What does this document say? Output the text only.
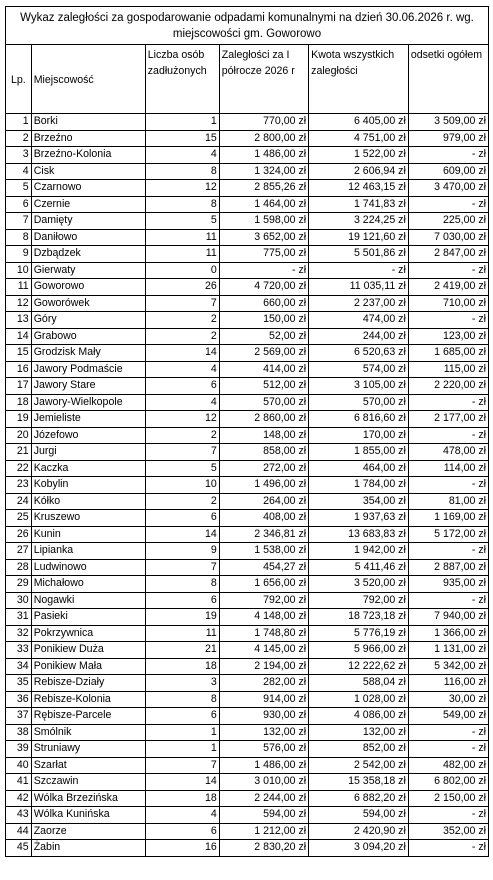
Wykaz zaległości za gospodarowanie odpadami komunalnymi na dzień 30.06.2026 r. wg.
miejscowości gm. Goworowo
Lp.	Miejscowość	Liczba osób zadłużonych	Zaległości za I półrocze 2026 r	Kwota wszystkich zaległości	odsetki ogółem
1	Borki	1	770,00 zł	6 405,00 zł	3 509,00 zł
2	Brzeźno	15	2 800,00 zł	4 751,00 zł	979,00 zł
3	Brzeźno-Kolonia	4	1 486,00 zł	1 522,00 zł	- zł
4	Cisk	8	1 324,00 zł	2 606,94 zł	609,00 zł
5	Czarnowo	12	2 855,26 zł	12 463,15 zł	3 470,00 zł
6	Czernie	8	1 464,00 zł	1 741,83 zł	- zł
7	Damięty	5	1 598,00 zł	3 224,25 zł	225,00 zł
8	Daniłowo	11	3 652,00 zł	19 121,60 zł	7 030,00 zł
9	Dzbądzek	11	775,00 zł	5 501,86 zł	2 847,00 zł
10	Gierwaty	0	- zł	- zł	- zł
11	Goworowo	26	4 720,00 zł	11 035,11 zł	2 419,00 zł
12	Goworówek	7	660,00 zł	2 237,00 zł	710,00 zł
13	Góry	2	150,00 zł	474,00 zł	- zł
14	Grabowo	2	52,00 zł	244,00 zł	123,00 zł
15	Grodzisk Mały	14	2 569,00 zł	6 520,63 zł	1 685,00 zł
16	Jawory Podmaście	4	414,00 zł	574,00 zł	115,00 zł
17	Jawory Stare	6	512,00 zł	3 105,00 zł	2 220,00 zł
18	Jawory-Wielkopole	4	570,00 zł	570,00 zł	- zł
19	Jemieliste	12	2 860,00 zł	6 816,60 zł	2 177,00 zł
20	Józefowo	2	148,00 zł	170,00 zł	- zł
21	Jurgi	7	858,00 zł	1 855,00 zł	478,00 zł
22	Kaczka	5	272,00 zł	464,00 zł	114,00 zł
23	Kobylin	10	1 496,00 zł	1 784,00 zł	- zł
24	Kółko	2	264,00 zł	354,00 zł	81,00 zł
25	Kruszewo	6	408,00 zł	1 937,63 zł	1 169,00 zł
26	Kunin	14	2 346,81 zł	13 683,83 zł	5 172,00 zł
27	Lipianka	9	1 538,00 zł	1 942,00 zł	- zł
28	Ludwinowo	7	454,27 zł	5 411,46 zł	2 887,00 zł
29	Michałowo	8	1 656,00 zł	3 520,00 zł	935,00 zł
30	Nogawki	6	792,00 zł	792,00 zł	- zł
31	Pasieki	19	4 148,00 zł	18 723,18 zł	7 940,00 zł
32	Pokrzywnica	11	1 748,80 zł	5 776,19 zł	1 366,00 zł
33	Ponikiew Duża	21	4 145,00 zł	5 966,00 zł	1 131,00 zł
34	Ponikiew Mała	18	2 194,00 zł	12 222,62 zł	5 342,00 zł
35	Rebisze-Działy	3	282,00 zł	588,04 zł	116,00 zł
36	Rebisze-Kolonia	8	914,00 zł	1 028,00 zł	30,00 zł
37	Rębisze-Parcele	6	930,00 zł	4 086,00 zł	549,00 zł
38	Smólnik	1	132,00 zł	132,00 zł	- zł
39	Struniawy	1	576,00 zł	852,00 zł	- zł
40	Szarłat	7	1 486,00 zł	2 542,00 zł	482,00 zł
41	Szczawin	14	3 010,00 zł	15 358,18 zł	6 802,00 zł
42	Wólka Brzezińska	18	2 244,00 zł	6 882,20 zł	2 150,00 zł
43	Wólka Kunińska	4	594,00 zł	594,00 zł	- zł
44	Zaorze	6	1 212,00 zł	2 420,90 zł	352,00 zł
45	Żabin	16	2 830,20 zł	3 094,20 zł	- zł
